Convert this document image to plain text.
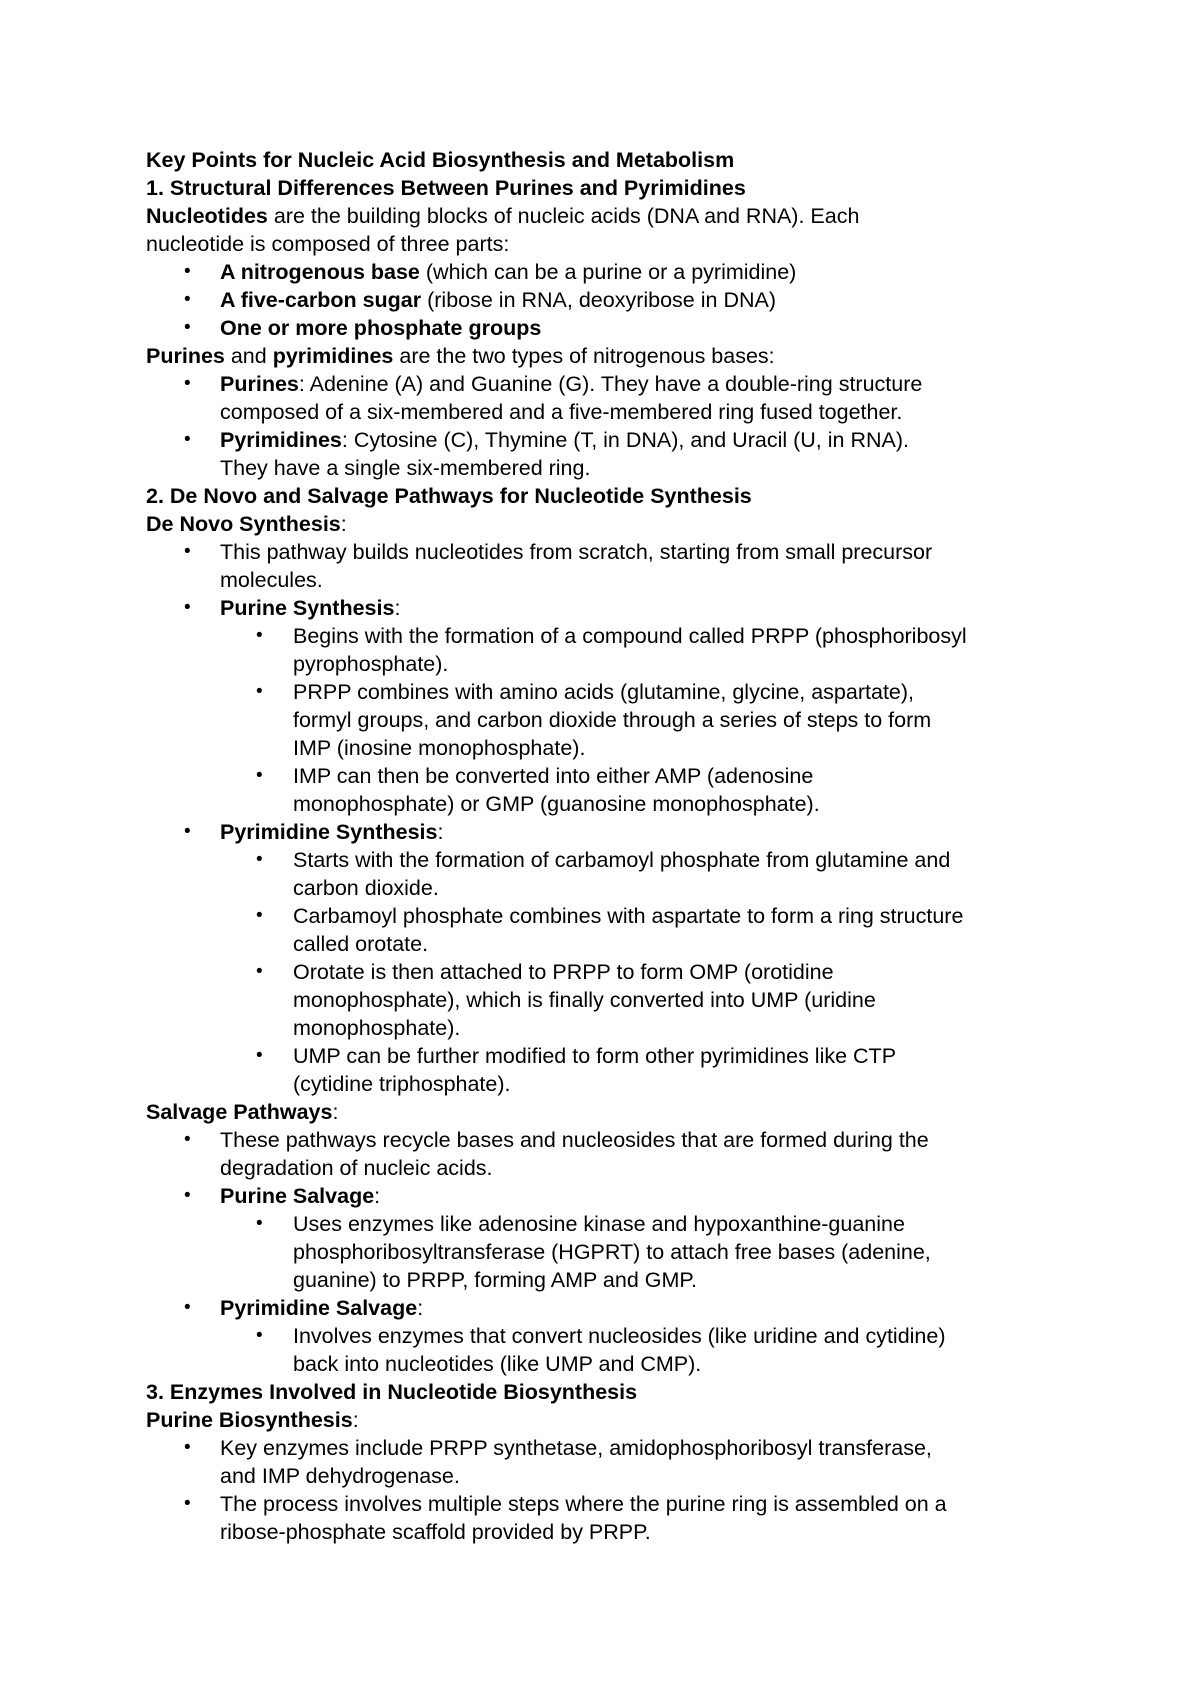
Key Points for Nucleic Acid Biosynthesis and Metabolism

1. Structural Differences Between Purines and Pyrimidines

Nucleotides are the building blocks of nucleic acids (DNA and RNA). Each

nucleotide is composed of three parts:

• A nitrogenous base (which can be a purine or a pyrimidine)
• A five-carbon sugar (ribose in RNA, deoxyribose in DNA)
• One or more phosphate groups

Purines and pyrimidines are the two types of nitrogenous bases:

• Purines: Adenine (A) and Guanine (G). They have a double-ring structure
composed of a six-membered and a five-membered ring fused together.
• Pyrimidines: Cytosine (C), Thymine (T, in DNA), and Uracil (U, in RNA).
They have a single six-membered ring.

2. De Novo and Salvage Pathways for Nucleotide Synthesis

De Novo Synthesis:

• This pathway builds nucleotides from scratch, starting from small precursor
molecules.
• Purine Synthesis:
• Begins with the formation of a compound called PRPP (phosphoribosyl
pyrophosphate).
• PRPP combines with amino acids (glutamine, glycine, aspartate),
formyl groups, and carbon dioxide through a series of steps to form
IMP (inosine monophosphate).
• IMP can then be converted into either AMP (adenosine
monophosphate) or GMP (guanosine monophosphate).
• Pyrimidine Synthesis:
• Starts with the formation of carbamoyl phosphate from glutamine and
carbon dioxide.
• Carbamoyl phosphate combines with aspartate to form a ring structure
called orotate.
• Orotate is then attached to PRPP to form OMP (orotidine
monophosphate), which is finally converted into UMP (uridine
monophosphate).
• UMP can be further modified to form other pyrimidines like CTP
(cytidine triphosphate).

Salvage Pathways:

• These pathways recycle bases and nucleosides that are formed during the
degradation of nucleic acids.
• Purine Salvage:
• Uses enzymes like adenosine kinase and hypoxanthine-guanine
phosphoribosyltransferase (HGPRT) to attach free bases (adenine,
guanine) to PRPP, forming AMP and GMP.
• Pyrimidine Salvage:
• Involves enzymes that convert nucleosides (like uridine and cytidine)
back into nucleotides (like UMP and CMP).

3. Enzymes Involved in Nucleotide Biosynthesis

Purine Biosynthesis:

• Key enzymes include PRPP synthetase, amidophosphoribosyl transferase,
and IMP dehydrogenase.
• The process involves multiple steps where the purine ring is assembled on a
ribose-phosphate scaffold provided by PRPP.
